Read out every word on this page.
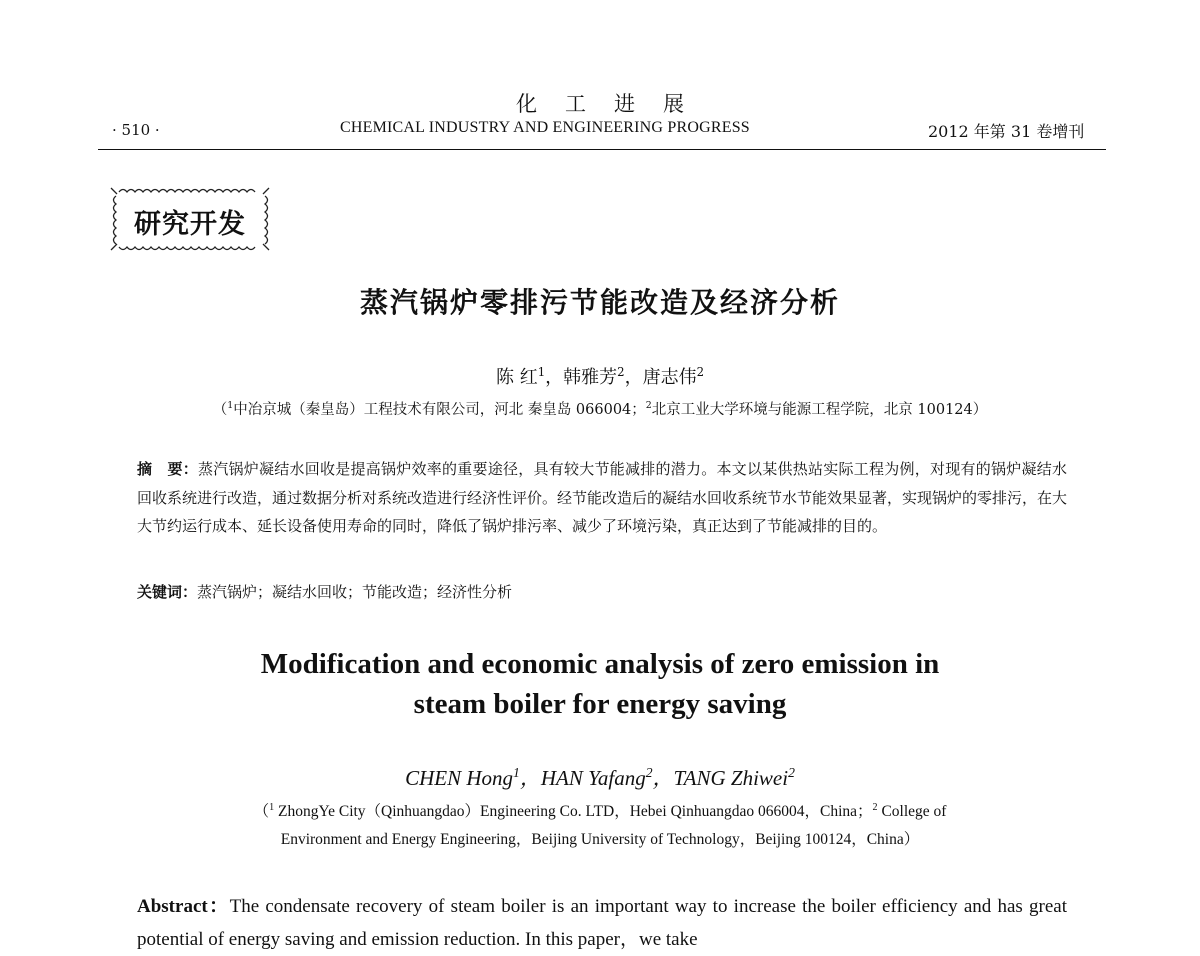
化工进展
· 510 ·	CHEMICAL INDUSTRY AND ENGINEERING PROGRESS	2012 年第 31 卷增刊
研究开发
蒸汽锅炉零排污节能改造及经济分析
陈 红$^1$，韩雅芳$^2$，唐志伟$^2$
（$^1$中冶京城（秦皇岛）工程技术有限公司，河北 秦皇岛 066004；$^2$北京工业大学环境与能源工程学院，北京 100124）
摘　要：蒸汽锅炉凝结水回收是提高锅炉效率的重要途径，具有较大节能减排的潜力。本文以某供热站实际工程为例，对现有的锅炉凝结水回收系统进行改造，通过数据分析对系统改造进行经济性评价。经节能改造后的凝结水回收系统节水节能效果显著，实现锅炉的零排污，在大大节约运行成本、延长设备使用寿命的同时，降低了锅炉排污率、减少了环境污染，真正达到了节能减排的目的。
关键词：蒸汽锅炉；凝结水回收；节能改造；经济性分析
Modification and economic analysis of zero emission in
steam boiler for energy saving
CHEN Hong$^1$，HAN Yafang$^2$，TANG Zhiwei$^2$
（$^1$ ZhongYe City（Qinhuangdao）Engineering Co. LTD，Hebei Qinhuangdao 066004，China；$^2$ College of
Environment and Energy Engineering，Beijing University of Technology，Beijing 100124，China）
Abstract：The condensate recovery of steam boiler is an important way to increase the boiler efficiency and has great potential of energy saving and emission reduction. In this paper，we take
